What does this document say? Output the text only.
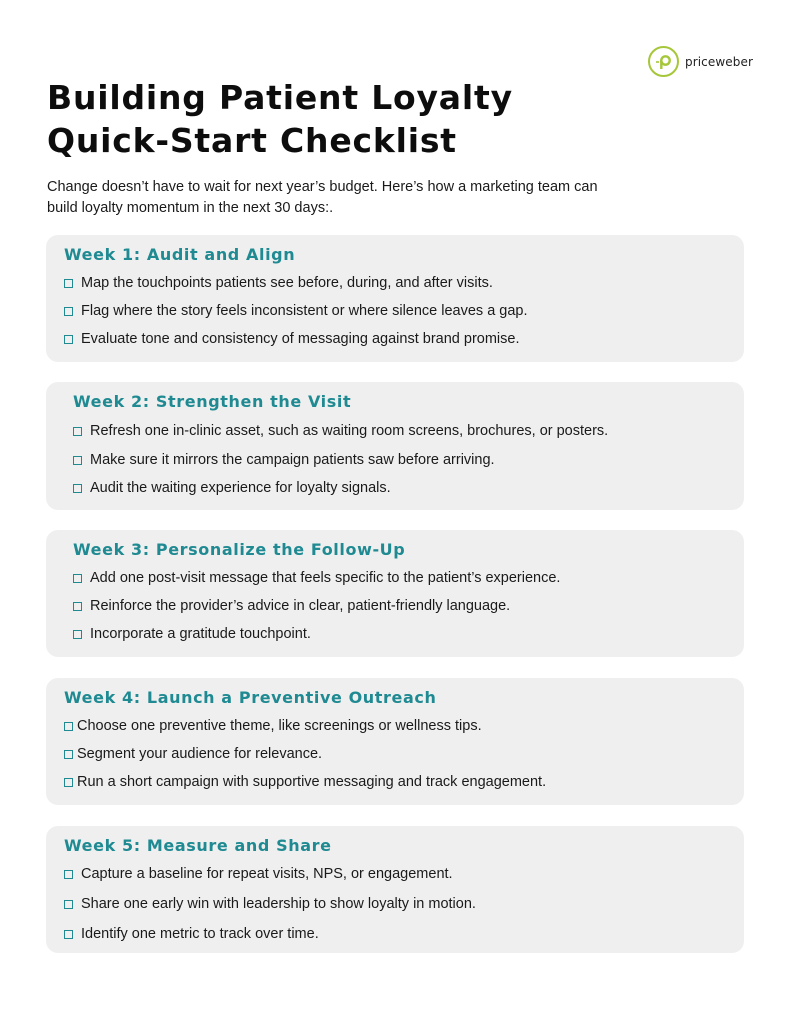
priceweber
Building Patient Loyalty
Quick-Start Checklist

Change doesn’t have to wait for next year’s budget. Here’s how a marketing team can
build loyalty momentum in the next 30 days:.

Week 1: Audit and Align
Map the touchpoints patients see before, during, and after visits.
Flag where the story feels inconsistent or where silence leaves a gap.
Evaluate tone and consistency of messaging against brand promise.
Week 2: Strengthen the Visit
Refresh one in-clinic asset, such as waiting room screens, brochures, or posters.
Make sure it mirrors the campaign patients saw before arriving.
Audit the waiting experience for loyalty signals.
Week 3: Personalize the Follow-Up
Add one post-visit message that feels specific to the patient’s experience.
Reinforce the provider’s advice in clear, patient-friendly language.
Incorporate a gratitude touchpoint.
Week 4: Launch a Preventive Outreach
Choose one preventive theme, like screenings or wellness tips.
Segment your audience for relevance.
Run a short campaign with supportive messaging and track engagement.
Week 5: Measure and Share
Capture a baseline for repeat visits, NPS, or engagement.
Share one early win with leadership to show loyalty in motion.
Identify one metric to track over time.
